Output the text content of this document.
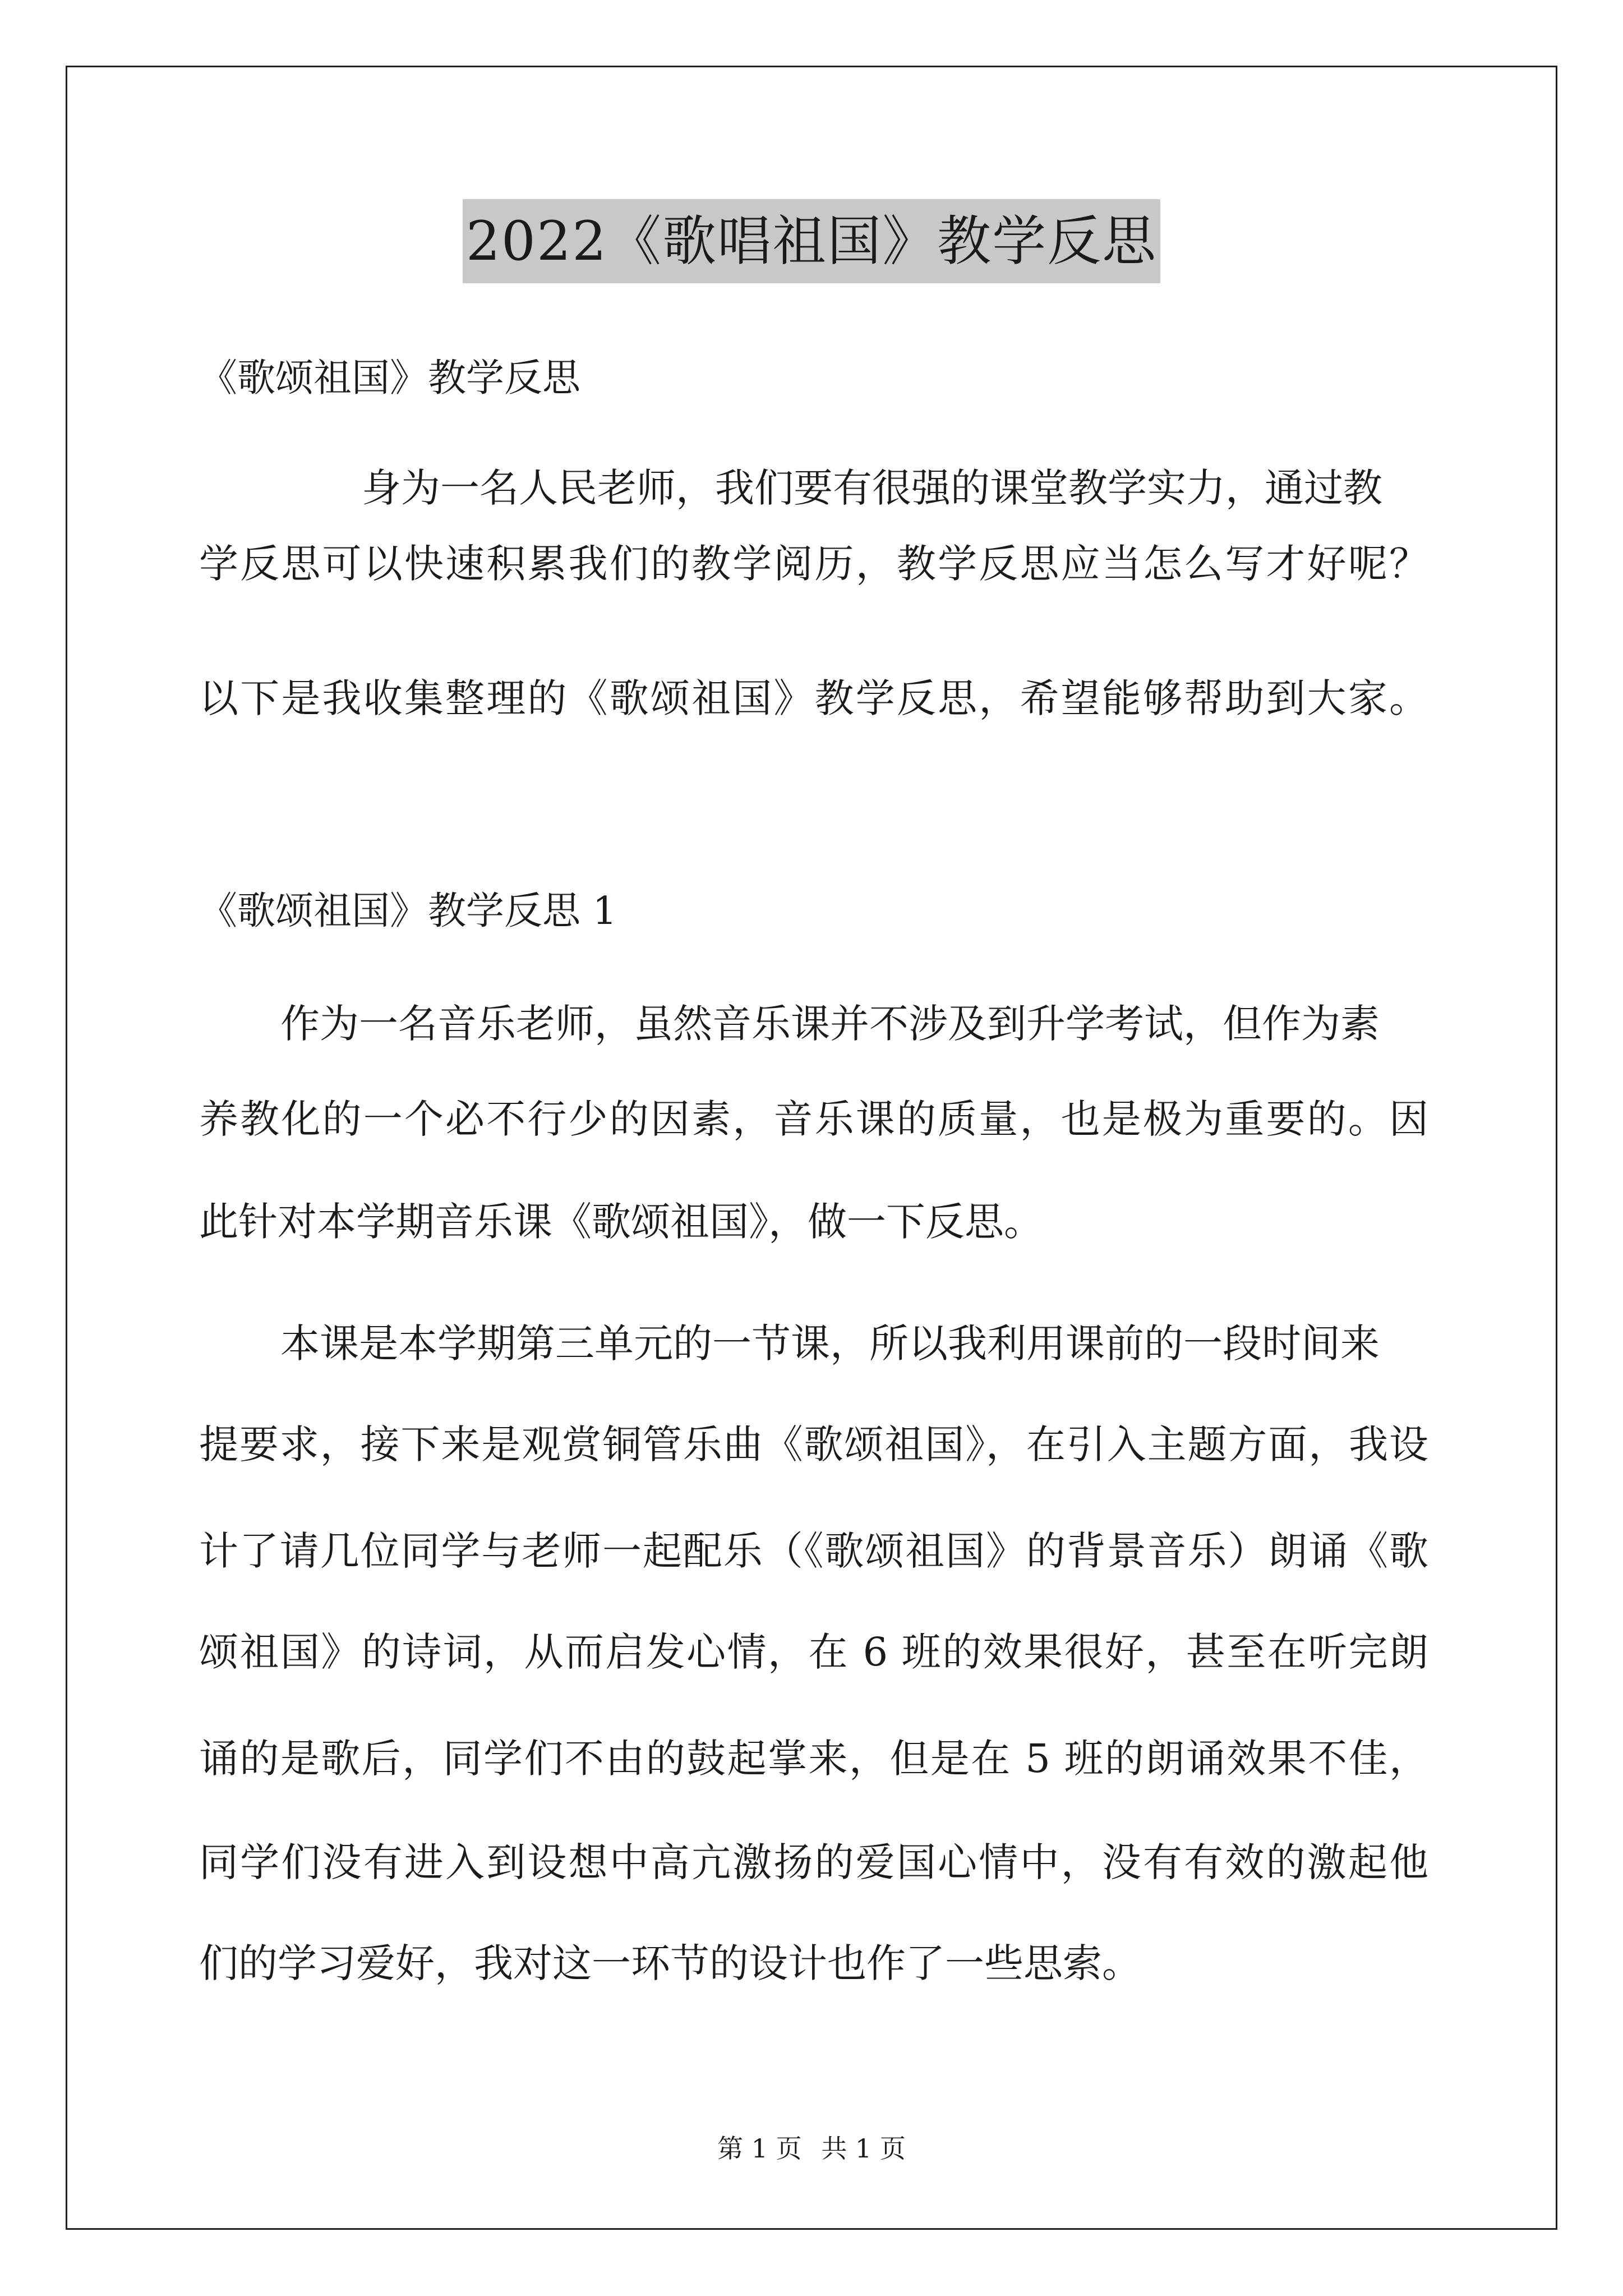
2022《歌唱祖国》教学反思
《歌颂祖国》教学反思
身为一名人民老师，我们要有很强的课堂教学实力，通过教
学反思可以快速积累我们的教学阅历，教学反思应当怎么写才好呢？
以下是我收集整理的《歌颂祖国》教学反思，希望能够帮助到大家。
《歌颂祖国》教学反思 1
作为一名音乐老师，虽然音乐课并不涉及到升学考试，但作为素
养教化的一个必不行少的因素，音乐课的质量，也是极为重要的。因
此针对本学期音乐课《歌颂祖国》，做一下反思。
本课是本学期第三单元的一节课，所以我利用课前的一段时间来
提要求，接下来是观赏铜管乐曲《歌颂祖国》，在引入主题方面，我设
计了请几位同学与老师一起配乐（《歌颂祖国》的背景音乐）朗诵《歌
颂祖国》的诗词，从而启发心情，在 6 班的效果很好，甚至在听完朗
诵的是歌后，同学们不由的鼓起掌来，但是在 5 班的朗诵效果不佳，
同学们没有进入到设想中高亢激扬的爱国心情中，没有有效的激起他
们的学习爱好，我对这一环节的设计也作了一些思索。
第 1 页 共 1 页
